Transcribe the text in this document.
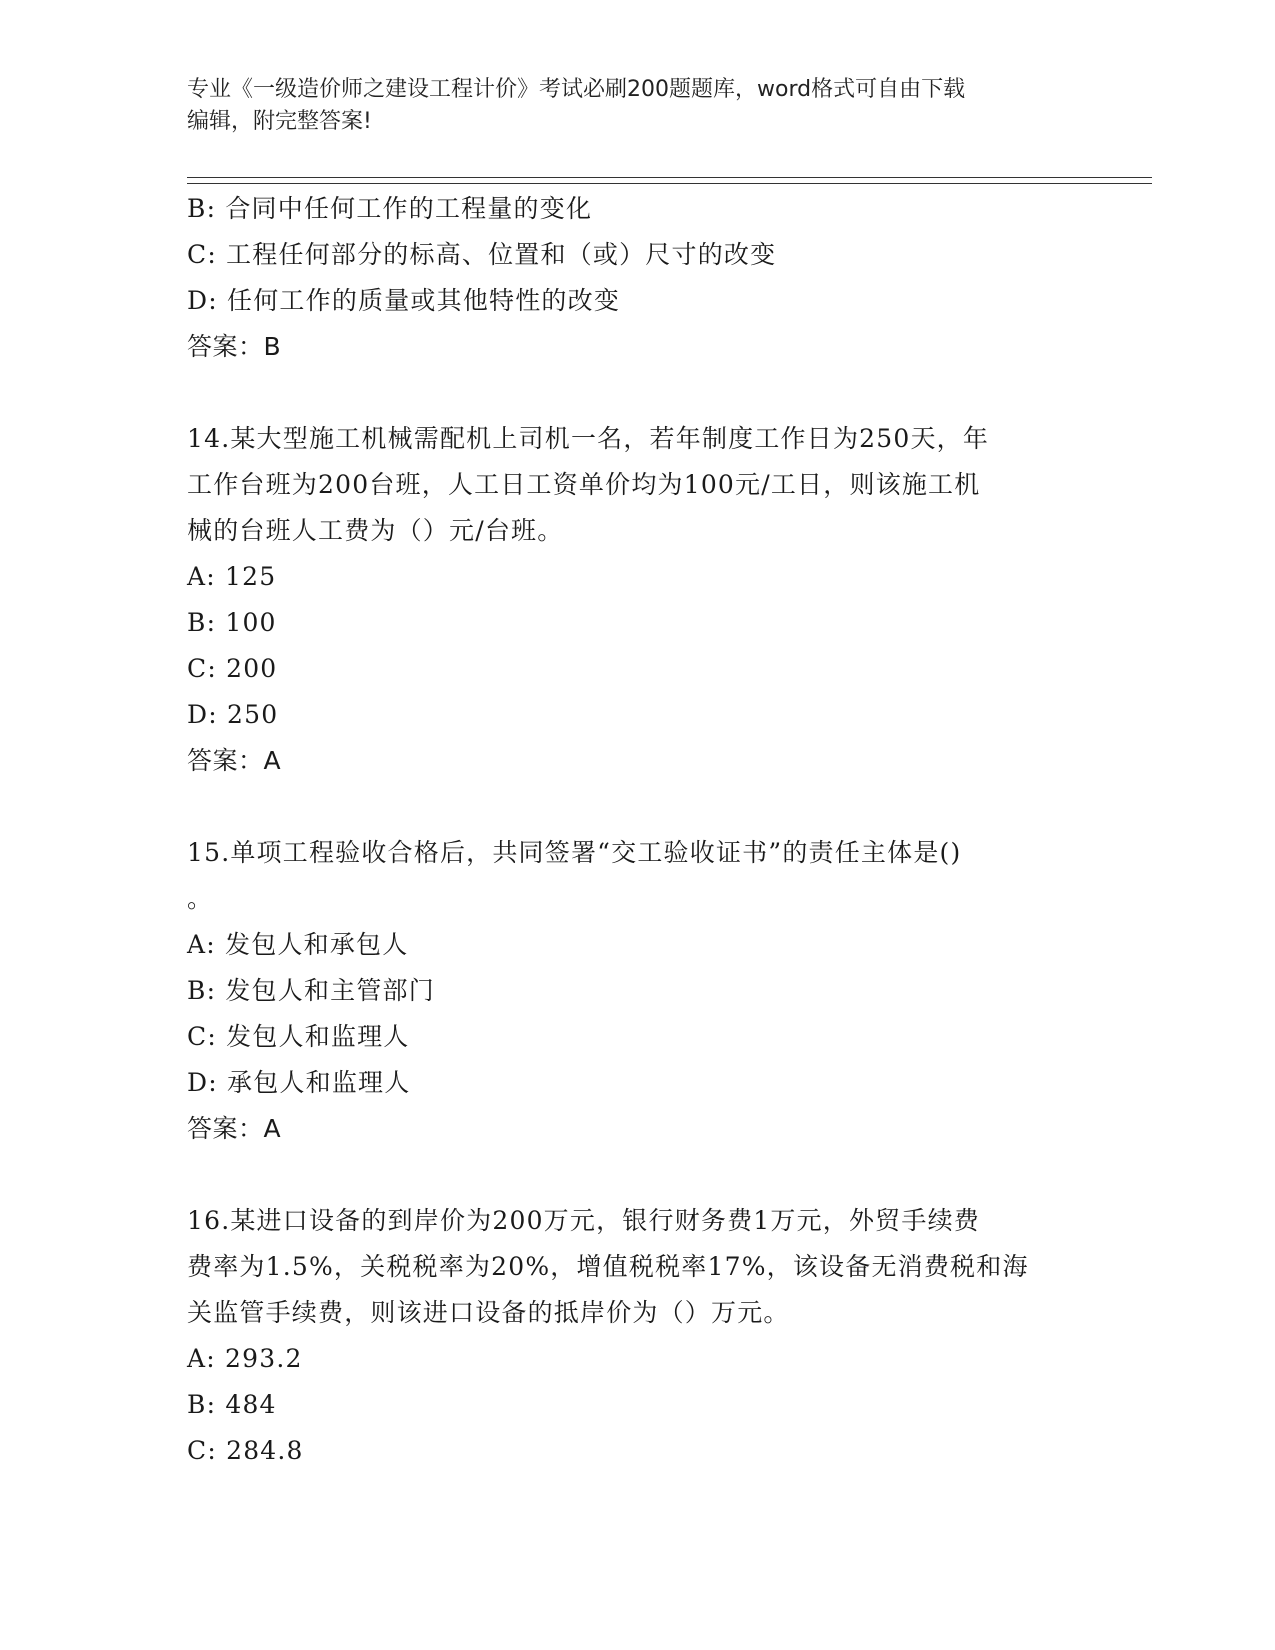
专业《一级造价师之建设工程计价》考试必刷200题题库，word格式可自由下载
编辑，附完整答案!
B: 合同中任何工作的工程量的变化
C: 工程任何部分的标高、位置和（或）尺寸的改变
D: 任何工作的质量或其他特性的改变
答案：B
14.某大型施工机械需配机上司机一名，若年制度工作日为250天，年
工作台班为200台班，人工日工资单价均为100元/工日，则该施工机
械的台班人工费为（）元/台班。
A: 125
B: 100
C: 200
D: 250
答案：A
15.单项工程验收合格后，共同签署“交工验收证书”的责任主体是()
。
A: 发包人和承包人
B: 发包人和主管部门
C: 发包人和监理人
D: 承包人和监理人
答案：A
16.某进口设备的到岸价为200万元，银行财务费1万元，外贸手续费
费率为1.5%，关税税率为20%，增值税税率17%，该设备无消费税和海
关监管手续费，则该进口设备的抵岸价为（）万元。
A: 293.2
B: 484
C: 284.8
